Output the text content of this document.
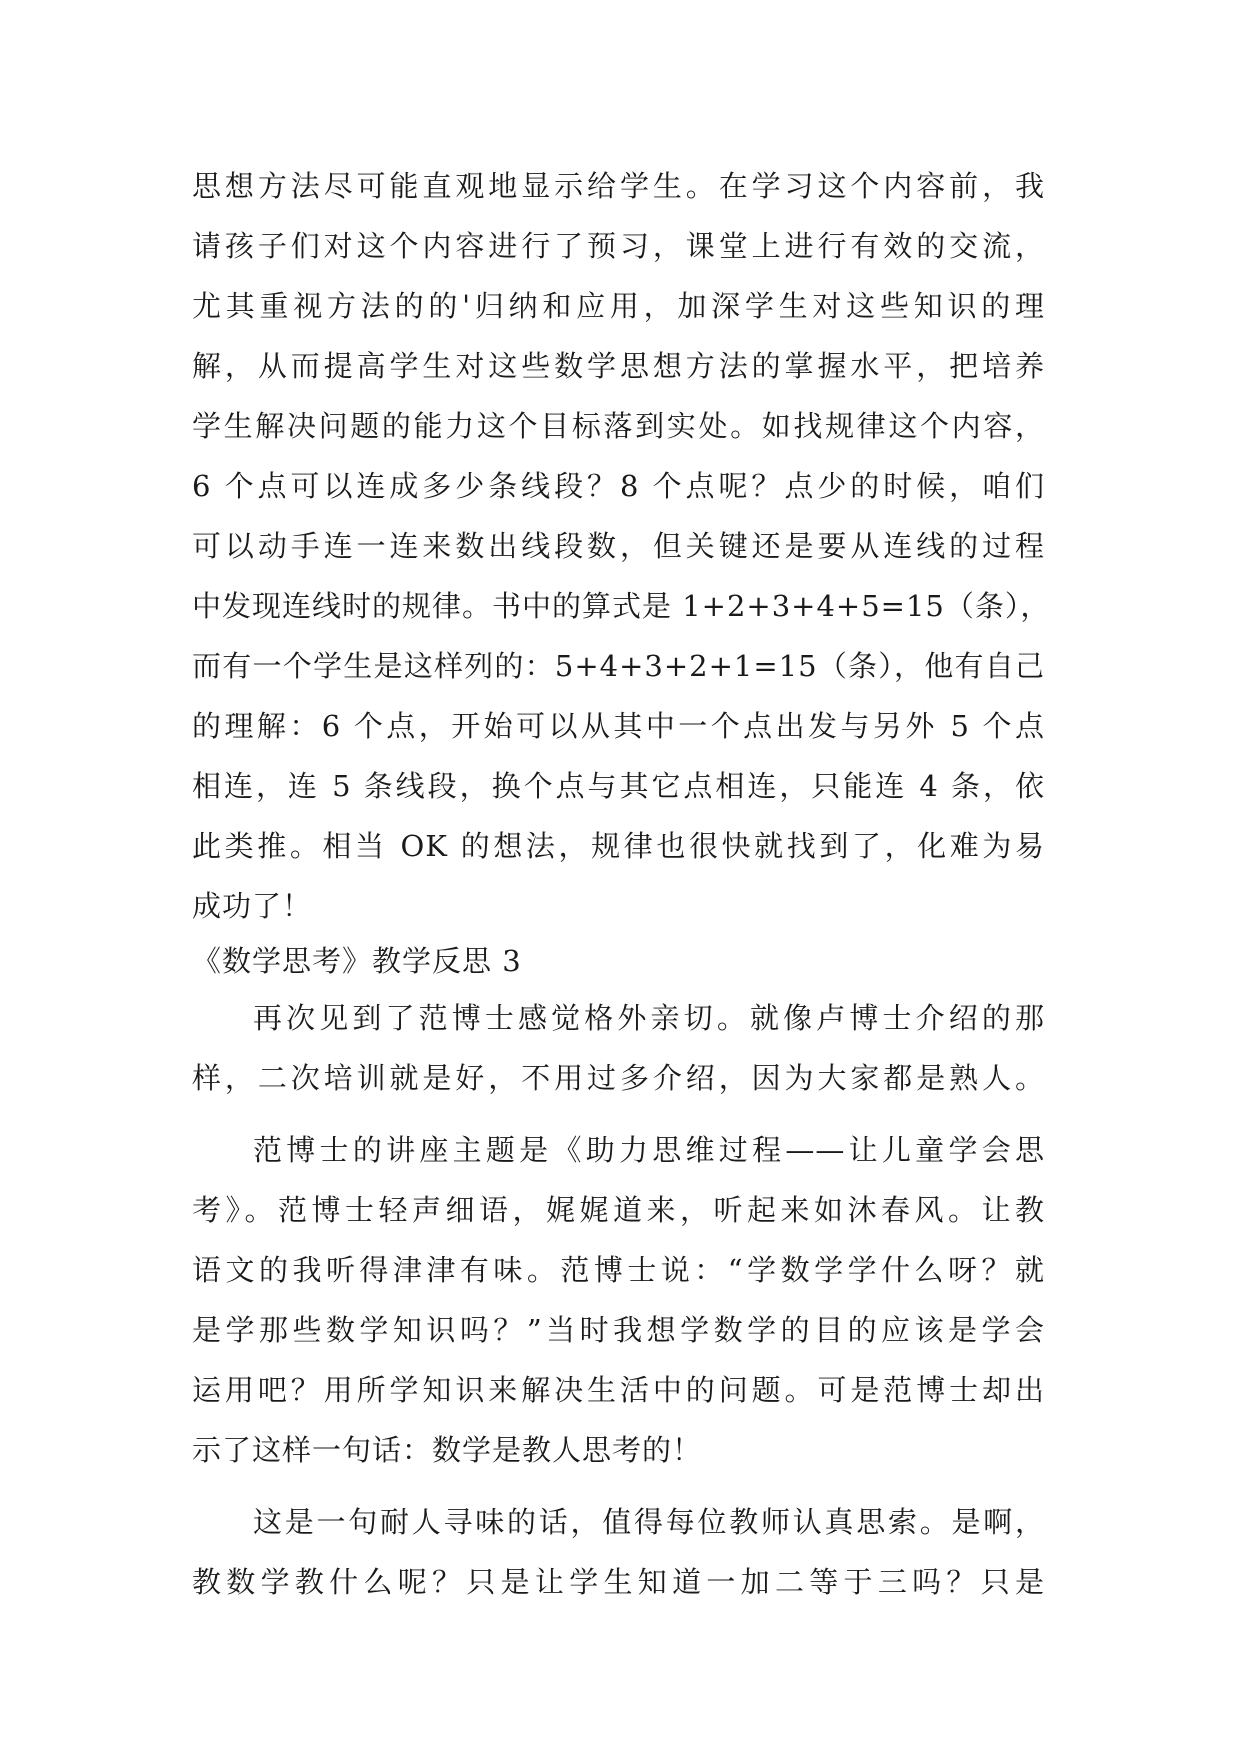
思想方法尽可能直观地显示给学生。在学习这个内容前，我
请孩子们对这个内容进行了预习，课堂上进行有效的交流，
尤其重视方法的的'归纳和应用，加深学生对这些知识的理
解，从而提高学生对这些数学思想方法的掌握水平，把培养
学生解决问题的能力这个目标落到实处。如找规律这个内容，
6 个点可以连成多少条线段？8 个点呢？点少的时候，咱们
可以动手连一连来数出线段数，但关键还是要从连线的过程
中发现连线时的规律。书中的算式是 1+2+3+4+5=15（条），
而有一个学生是这样列的：5+4+3+2+1=15（条），他有自己
的理解：6 个点，开始可以从其中一个点出发与另外 5 个点
相连，连 5 条线段，换个点与其它点相连，只能连 4 条，依
此类推。相当 OK 的想法，规律也很快就找到了，化难为易
成功了！
《数学思考》教学反思 3
再次见到了范博士感觉格外亲切。就像卢博士介绍的那
样，二次培训就是好，不用过多介绍，因为大家都是熟人。
范博士的讲座主题是《助力思维过程——让儿童学会思
考》。范博士轻声细语，娓娓道来，听起来如沐春风。让教
语文的我听得津津有味。范博士说：“学数学学什么呀？就
是学那些数学知识吗？”当时我想学数学的目的应该是学会
运用吧？用所学知识来解决生活中的问题。可是范博士却出
示了这样一句话：数学是教人思考的！
这是一句耐人寻味的话，值得每位教师认真思索。是啊，
教数学教什么呢？只是让学生知道一加二等于三吗？只是
